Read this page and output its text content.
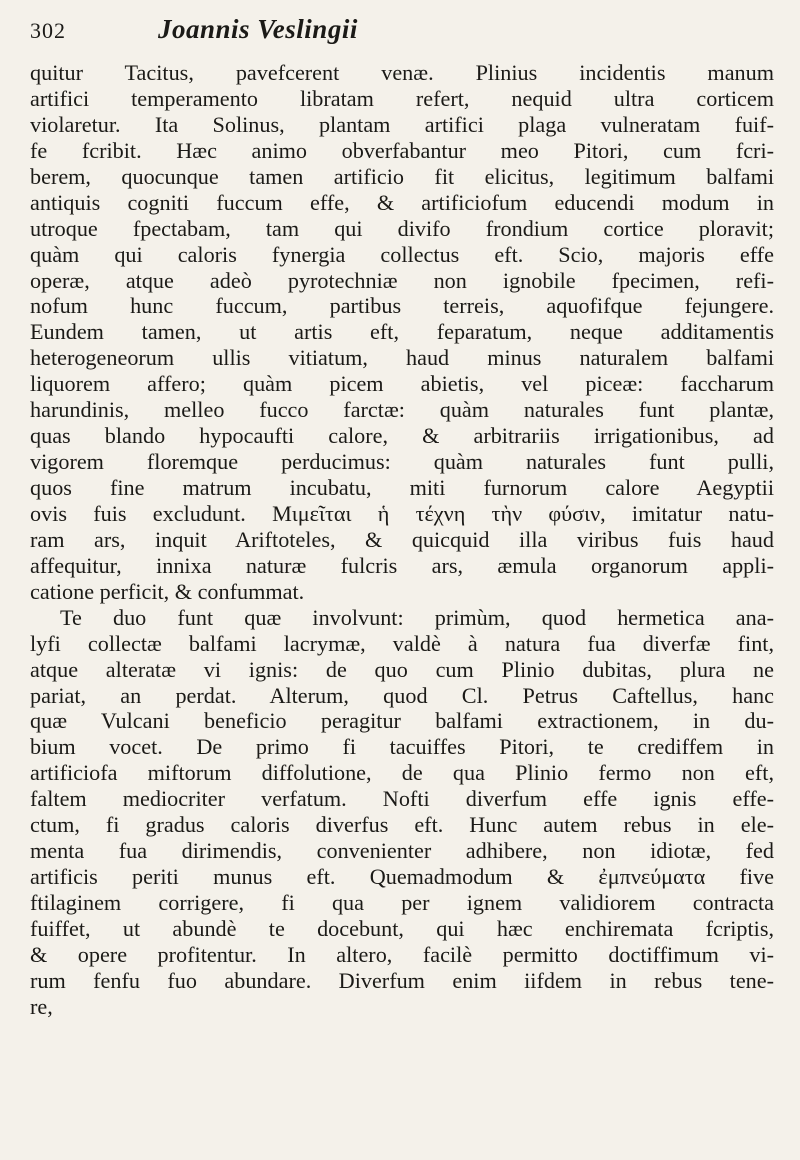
302	Joannis Veslingii
quitur Tacitus, pavefcerent venæ. Plinius incidentis manum
artifici temperamento libratam refert, nequid ultra corticem
violaretur. Ita Solinus, plantam artifici plaga vulneratam fuif-
fe fcribit. Hæc animo obverfabantur meo Pitori, cum fcri-
berem, quocunque tamen artificio fit elicitus, legitimum balfami
antiquis cogniti fuccum effe, & artificiofum educendi modum in
utroque fpectabam, tam qui divifo frondium cortice ploravit;
quàm qui caloris fynergia collectus eft. Scio, majoris effe
operæ, atque adeò pyrotechniæ non ignobile fpecimen, refi-
nofum hunc fuccum, partibus terreis, aquofifque fejungere.
Eundem tamen, ut artis eft, feparatum, neque additamentis
heterogeneorum ullis vitiatum, haud minus naturalem balfami
liquorem affero; quàm picem abietis, vel piceæ: faccharum
harundinis, melleo fucco farctæ: quàm naturales funt plantæ,
quas blando hypocaufti calore, & arbitrariis irrigationibus, ad
vigorem floremque perducimus: quàm naturales funt pulli,
quos fine matrum incubatu, miti furnorum calore Aegyptii
ovis fuis excludunt. Μιμεῖται ἡ τέχνη τὴν φύσιν, imitatur natu-
ram ars, inquit Ariftoteles, & quicquid illa viribus fuis haud
affequitur, innixa naturæ fulcris ars, æmula organorum appli-
catione perficit, & confummat.
Te duo funt quæ involvunt: primùm, quod hermetica ana-
lyfi collectæ balfami lacrymæ, valdè à natura fua diverfæ fint,
atque alteratæ vi ignis: de quo cum Plinio dubitas, plura ne
pariat, an perdat. Alterum, quod Cl. Petrus Caftellus, hanc
quæ Vulcani beneficio peragitur balfami extractionem, in du-
bium vocet. De primo fi tacuiffes Pitori, te crediffem in
artificiofa miftorum diffolutione, de qua Plinio fermo non eft,
faltem mediocriter verfatum. Nofti diverfum effe ignis effe-
ctum, fi gradus caloris diverfus eft. Hunc autem rebus in ele-
menta fua dirimendis, convenienter adhibere, non idiotæ, fed
artificis periti munus eft. Quemadmodum & ἐμπνεύματα five
ftilaginem corrigere, fi qua per ignem validiorem contracta
fuiffet, ut abundè te docebunt, qui hæc enchiremata fcriptis,
& opere profitentur. In altero, facilè permitto doctiffimum vi-
rum fenfu fuo abundare. Diverfum enim iifdem in rebus tene-
re,
